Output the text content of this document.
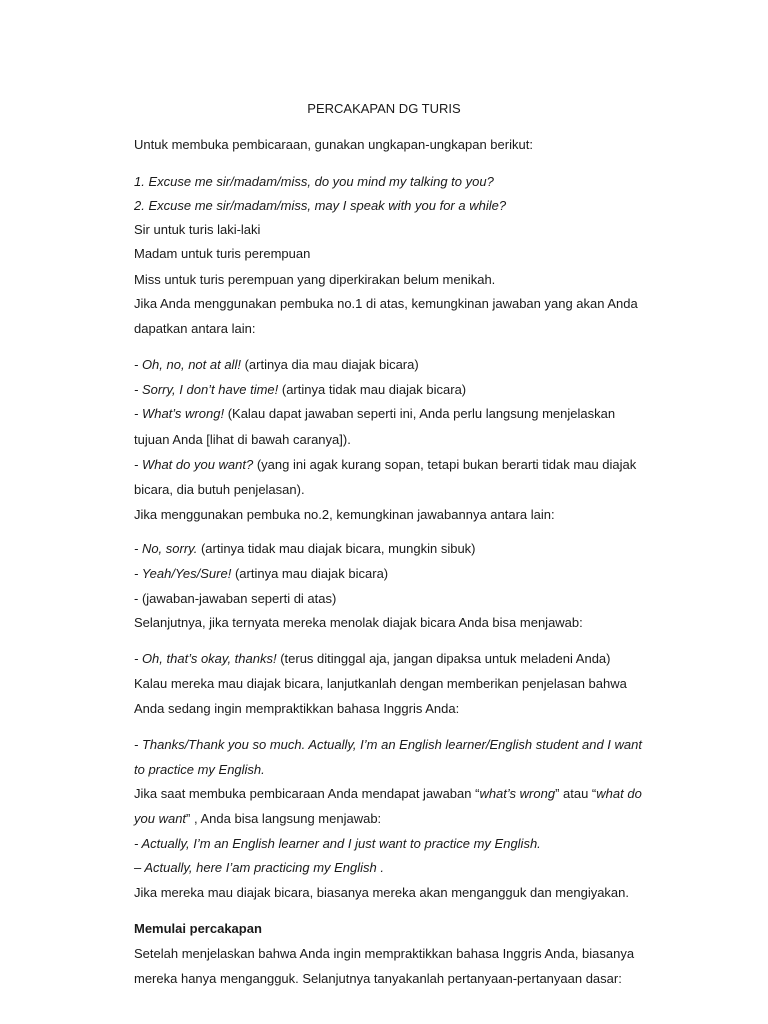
PERCAKAPAN DG TURIS
Untuk membuka pembicaraan, gunakan ungkapan-ungkapan berikut:
1. Excuse me sir/madam/miss, do you mind my talking to you?
2. Excuse me sir/madam/miss, may I speak with you for a while?
Sir untuk turis laki-laki
Madam untuk turis perempuan
Miss untuk turis perempuan yang diperkirakan belum menikah.
Jika Anda menggunakan pembuka no.1 di atas, kemungkinan jawaban yang akan Anda
dapatkan antara lain:
- Oh, no, not at all! (artinya dia mau diajak bicara)
- Sorry, I don’t have time! (artinya tidak mau diajak bicara)
- What’s wrong! (Kalau dapat jawaban seperti ini, Anda perlu langsung menjelaskan
tujuan Anda [lihat di bawah caranya]).
- What do you want? (yang ini agak kurang sopan, tetapi bukan berarti tidak mau diajak
bicara, dia butuh penjelasan).
Jika menggunakan pembuka no.2, kemungkinan jawabannya antara lain:
- No, sorry. (artinya tidak mau diajak bicara, mungkin sibuk)
- Yeah/Yes/Sure! (artinya mau diajak bicara)
- (jawaban-jawaban seperti di atas)
Selanjutnya, jika ternyata mereka menolak diajak bicara Anda bisa menjawab:
- Oh, that’s okay, thanks! (terus ditinggal aja, jangan dipaksa untuk meladeni Anda)
Kalau mereka mau diajak bicara, lanjutkanlah dengan memberikan penjelasan bahwa
Anda sedang ingin mempraktikkan bahasa Inggris Anda:
- Thanks/Thank you so much. Actually, I’m an English learner/English student and I want
to practice my English.
Jika saat membuka pembicaraan Anda mendapat jawaban “what’s wrong” atau “what do
you want” , Anda bisa langsung menjawab:
- Actually, I’m an English learner and I just want to practice my English.
– Actually, here I’am practicing my English .
Jika mereka mau diajak bicara, biasanya mereka akan mengangguk dan mengiyakan.
Memulai percakapan
Setelah menjelaskan bahwa Anda ingin mempraktikkan bahasa Inggris Anda, biasanya
mereka hanya mengangguk. Selanjutnya tanyakanlah pertanyaan-pertanyaan dasar:
